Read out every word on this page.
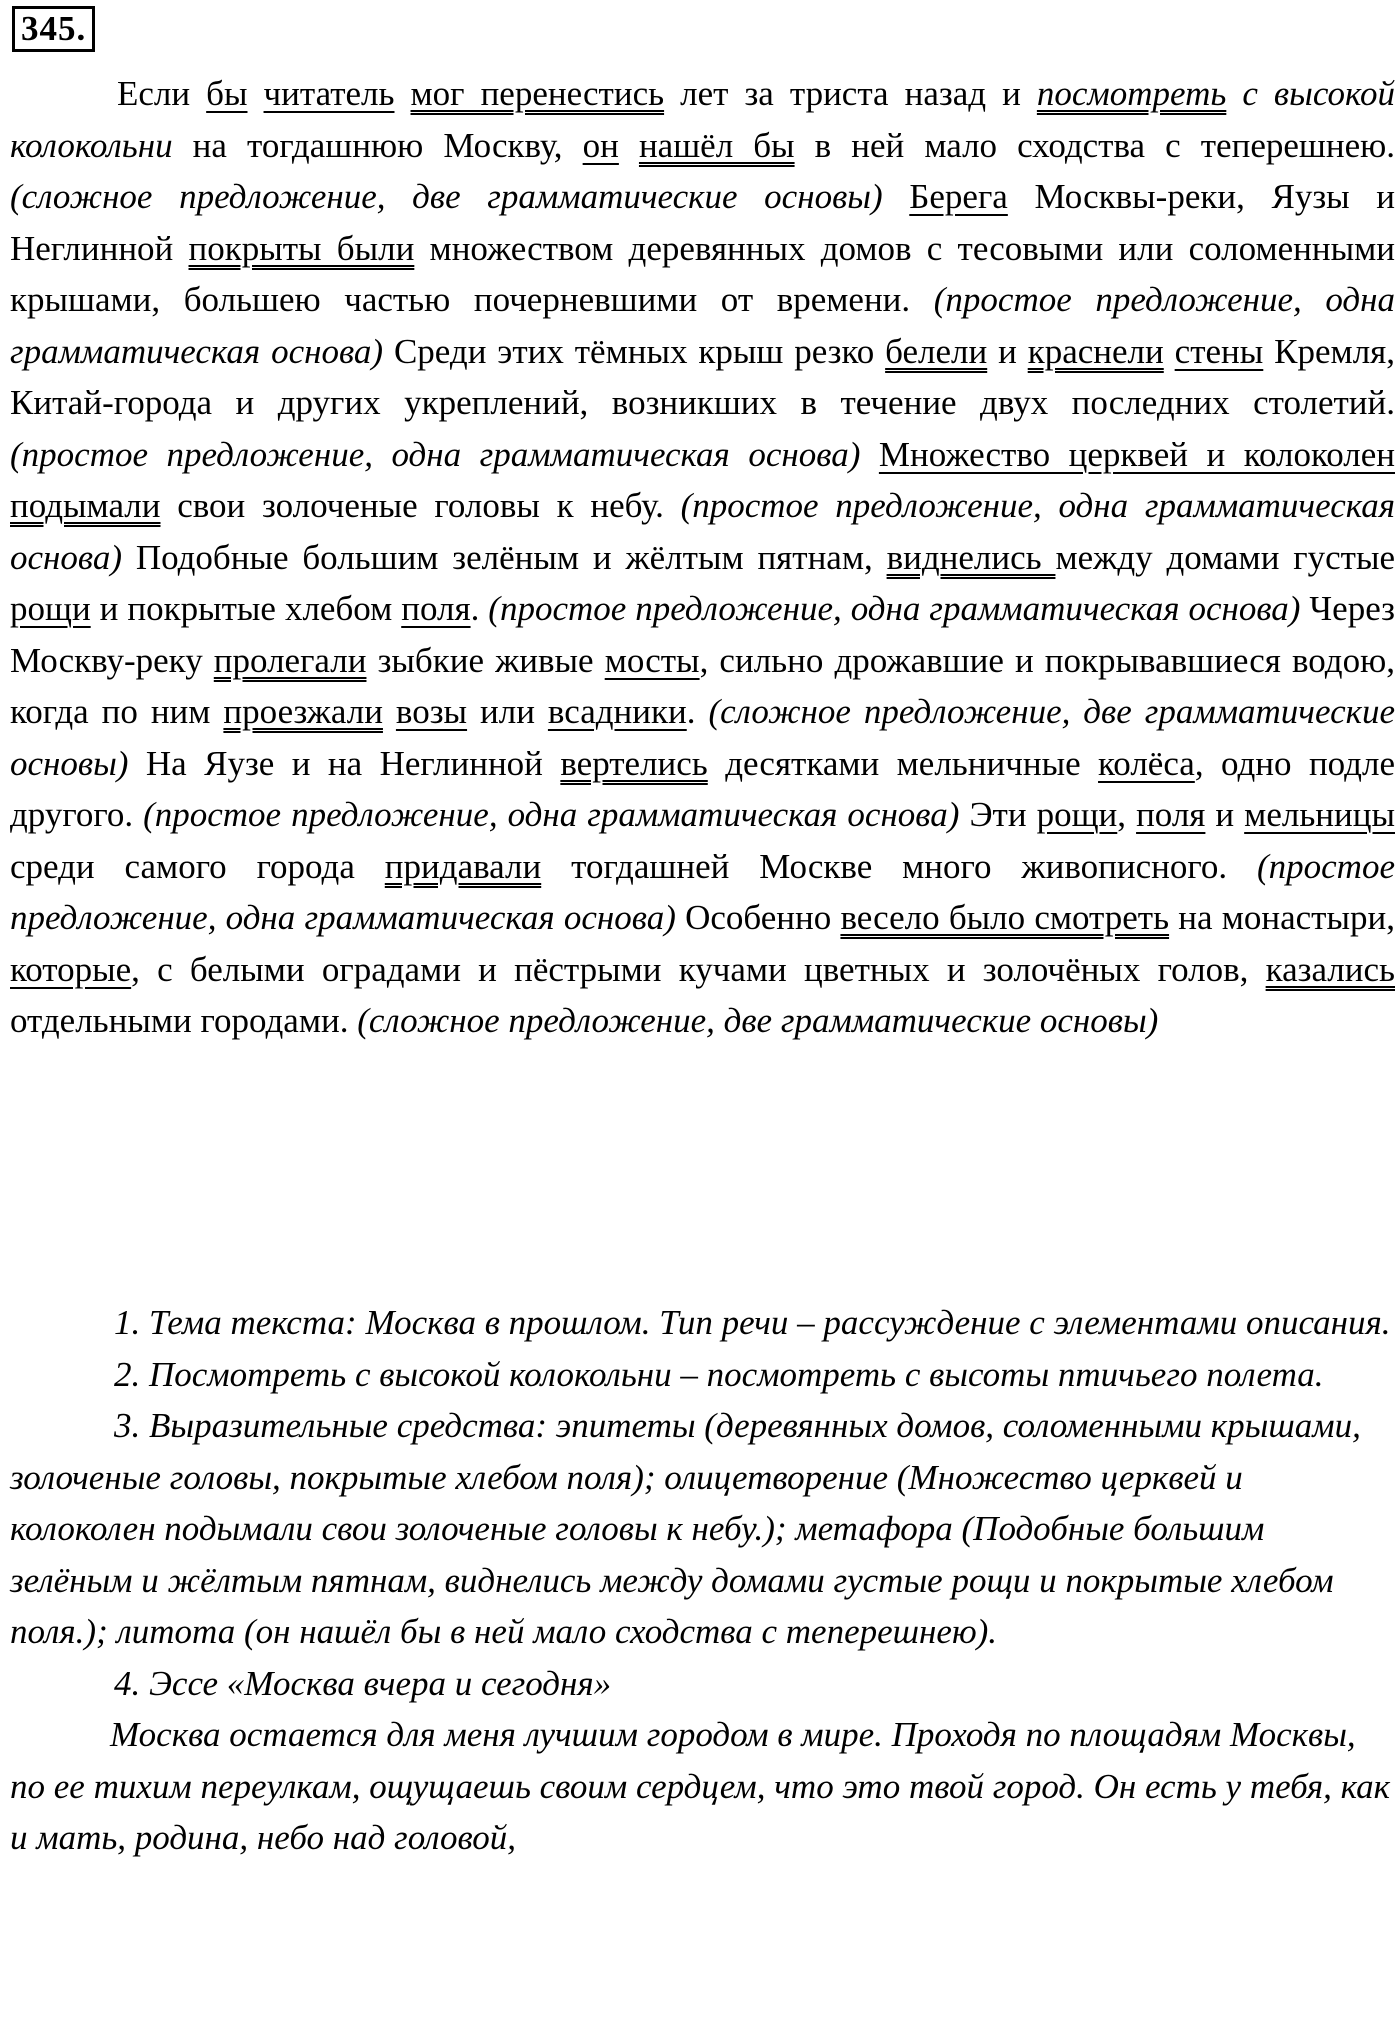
345.

Если бы читатель мог перенестись лет за триста назад и посмотреть с высокой колокольни на тогдашнюю Москву, он нашёл бы в ней мало сходства с теперешнею. (сложное предложение, две грамматические основы) Берега Москвы-реки, Яузы и Неглинной покрыты были множеством деревянных домов с тесовыми или соломенными крышами, большею частью почерневшими от времени. (простое предложение, одна грамматическая основа) Среди этих тёмных крыш резко белели и краснели стены Кремля, Китай-города и других укреплений, возникших в течение двух последних столетий. (простое предложение, одна грамматическая основа) Множество церквей и колоколен подымали свои золоченые головы к небу. (простое предложение, одна грамматическая основа) Подобные большим зелёным и жёлтым пятнам, виднелись между домами густые рощи и покрытые хлебом поля. (простое предложение, одна грамматическая основа) Через Москву-реку пролегали зыбкие живые мосты, сильно дрожавшие и покрывавшиеся водою, когда по ним проезжали возы или всадники. (сложное предложение, две грамматические основы) На Яузе и на Неглинной вертелись десятками мельничные колёса, одно подле другого. (простое предложение, одна грамматическая основа) Эти рощи, поля и мельницы среди самого города придавали тогдашней Москве много живописного. (простое предложение, одна грамматическая основа) Особенно весело было смотреть на монастыри, которые, с белыми оградами и пёстрыми кучами цветных и золочёных голов, казались отдельными городами. (сложное предложение, две грамматические основы)

1. Тема текста: Москва в прошлом. Тип речи – рассуждение с элементами описания.

2. Посмотреть с высокой колокольни – посмотреть с высоты птичьего полета.

3. Выразительные средства: эпитеты (деревянных домов, соломенными крышами, золоченые головы, покрытые хлебом поля); олицетворение (Множество церквей и колоколен подымали свои золоченые головы к небу.); метафора (Подобные большим зелёным и жёлтым пятнам, виднелись между домами густые рощи и покрытые хлебом поля.); литота (он нашёл бы в ней мало сходства с теперешнею).

4. Эссе «Москва вчера и сегодня»

Москва остается для меня лучшим городом в мире. Проходя по площадям Москвы, по ее тихим переулкам, ощущаешь своим сердцем, что это твой город. Он есть у тебя, как и мать, родина, небо над головой,
